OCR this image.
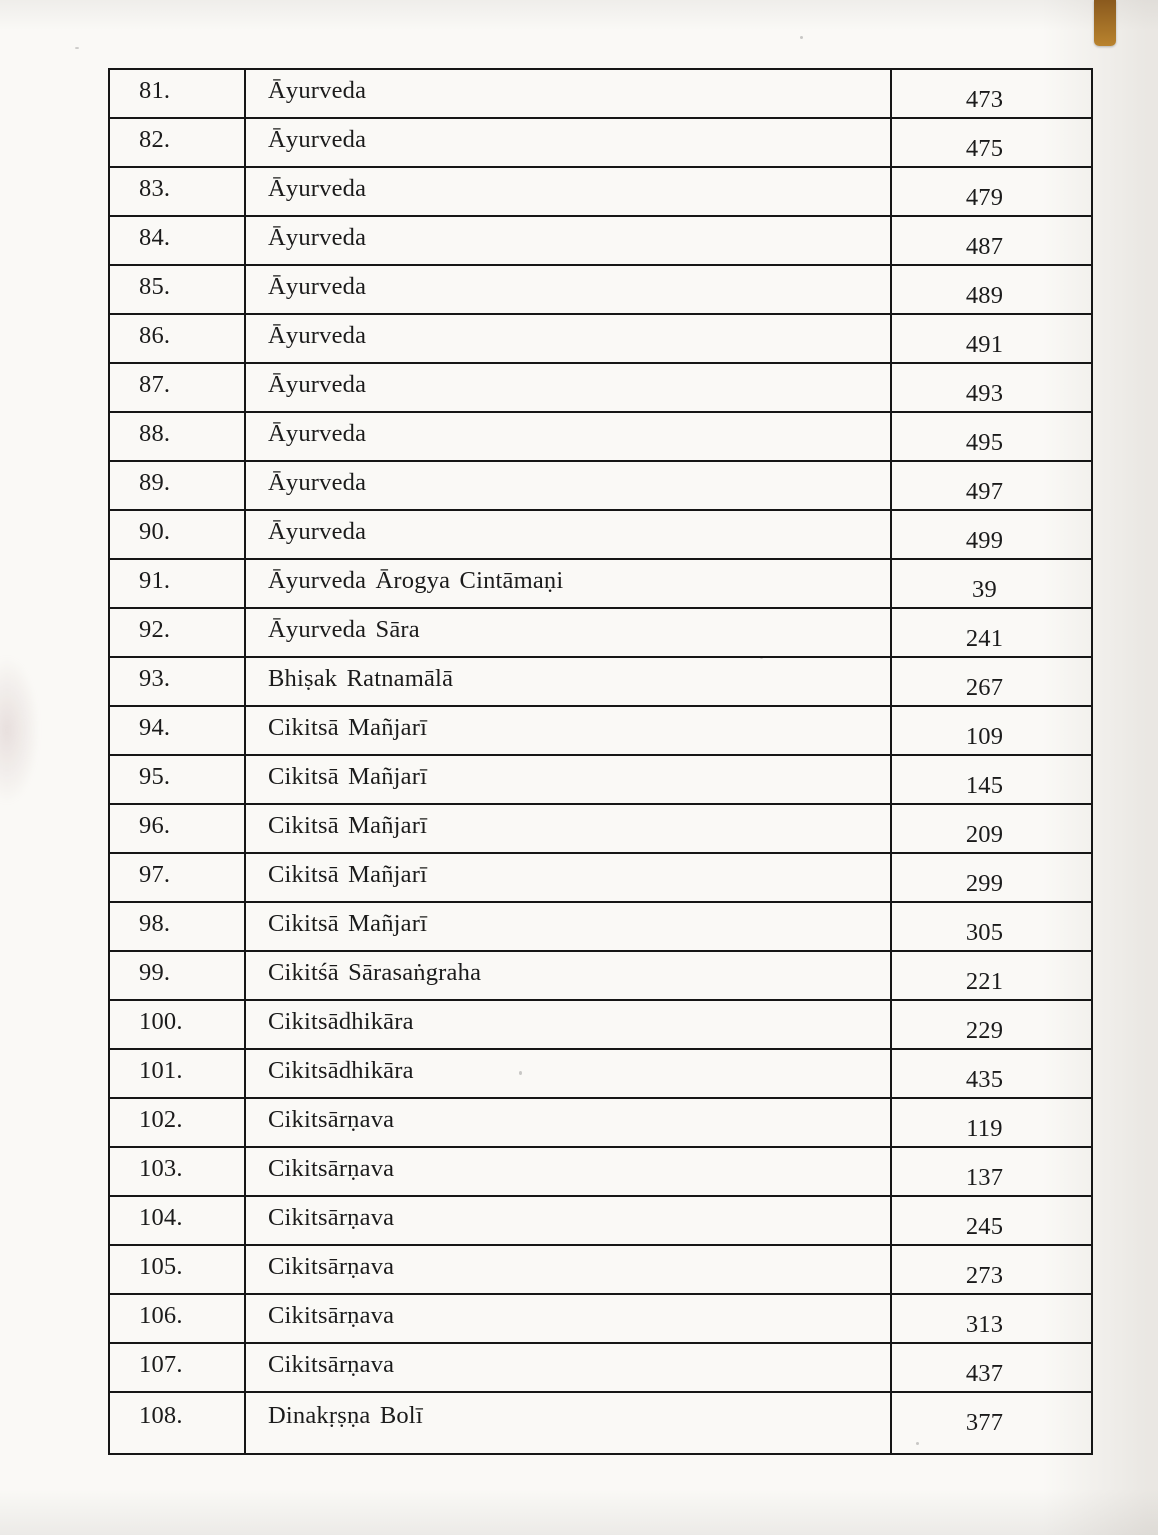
81.	Āyurveda	473
82.	Āyurveda	475
83.	Āyurveda	479
84.	Āyurveda	487
85.	Āyurveda	489
86.	Āyurveda	491
87.	Āyurveda	493
88.	Āyurveda	495
89.	Āyurveda	497
90.	Āyurveda	499
91.	Āyurveda Ārogya Cintāmaṇi	39
92.	Āyurveda Sāra	241
93.	Bhiṣak Ratnamālā	267
94.	Cikitsā Mañjarī	109
95.	Cikitsā Mañjarī	145
96.	Cikitsā Mañjarī	209
97.	Cikitsā Mañjarī	299
98.	Cikitsā Mañjarī	305
99.	Cikitśā Sārasaṅgraha	221
100.	Cikitsādhikāra	229
101.	Cikitsādhikāra	435
102.	Cikitsārṇava	119
103.	Cikitsārṇava	137
104.	Cikitsārṇava	245
105.	Cikitsārṇava	273
106.	Cikitsārṇava	313
107.	Cikitsārṇava	437
108.	Dinakṛṣṇa Bolī	377
